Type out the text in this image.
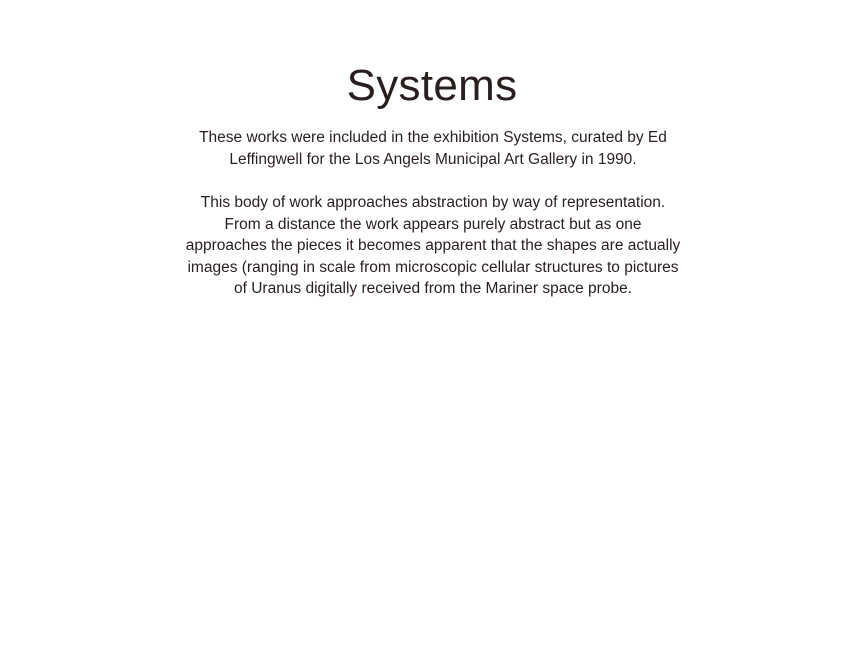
Systems

These works were included in the exhibition Systems, curated by Ed Leffingwell for the Los Angels Municipal Art Gallery in 1990.

This body of work approaches abstraction by way of representation. From a distance the work appears purely abstract but as one approaches the pieces it becomes apparent that the shapes are actually images (ranging in scale from microscopic cellular structures to pictures of Uranus digitally received from the Mariner space probe.
